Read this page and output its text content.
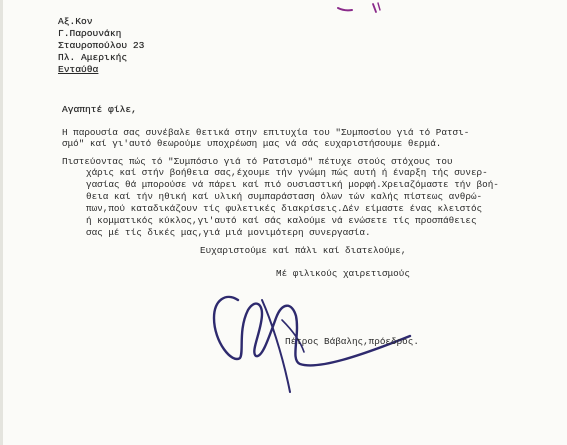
Αξ.Κον
Γ.Παρουνάκη
Σταυροπούλου 23
Πλ. Αμερικής
Ενταύθα
Αγαπητέ φίλε,
Η παρουσία σας συνέβαλε θετικά στην επιτυχία του "Συμποσίου γιά τό Ρατσι-
σμό" καί γι'αυτό θεωρούμε υποχρέωση μας νά σάς ευχαριστήσουμε θερμά.
Πιστεύοντας πώς τό "Συμπόσιο γιά τό Ρατσισμό" πέτυχε στούς στόχους του
χάρις καί στήν βοήθεια σας,έχουμε τήν γνώμη πώς αυτή ή έναρξη τής συνερ-
γασίας θά μπορούσε νά πάρει καί πιό ουσιαστική μορφή.Χρειαζόμαστε τήν βοή-
θεια καί τήν ηθική καί υλική συμπαράσταση όλων τών καλής πίστεως ανθρώ-
πων,πού καταδικάζουν τίς φυλετικές διακρίσεις.Δέν είμαστε ένας κλειστός
ή κομματικός κύκλος,γι'αυτό καί σάς καλούμε νά ενώσετε τίς προσπάθειες
σας μέ τίς δικές μας,γιά μιά μονιμότερη συνεργασία.
Ευχαριστούμε καί πάλι καί διατελούμε,
Μέ φιλικούς χαιρετισμούς
Πέτρος Βάβαλης,πρόεδρος.
